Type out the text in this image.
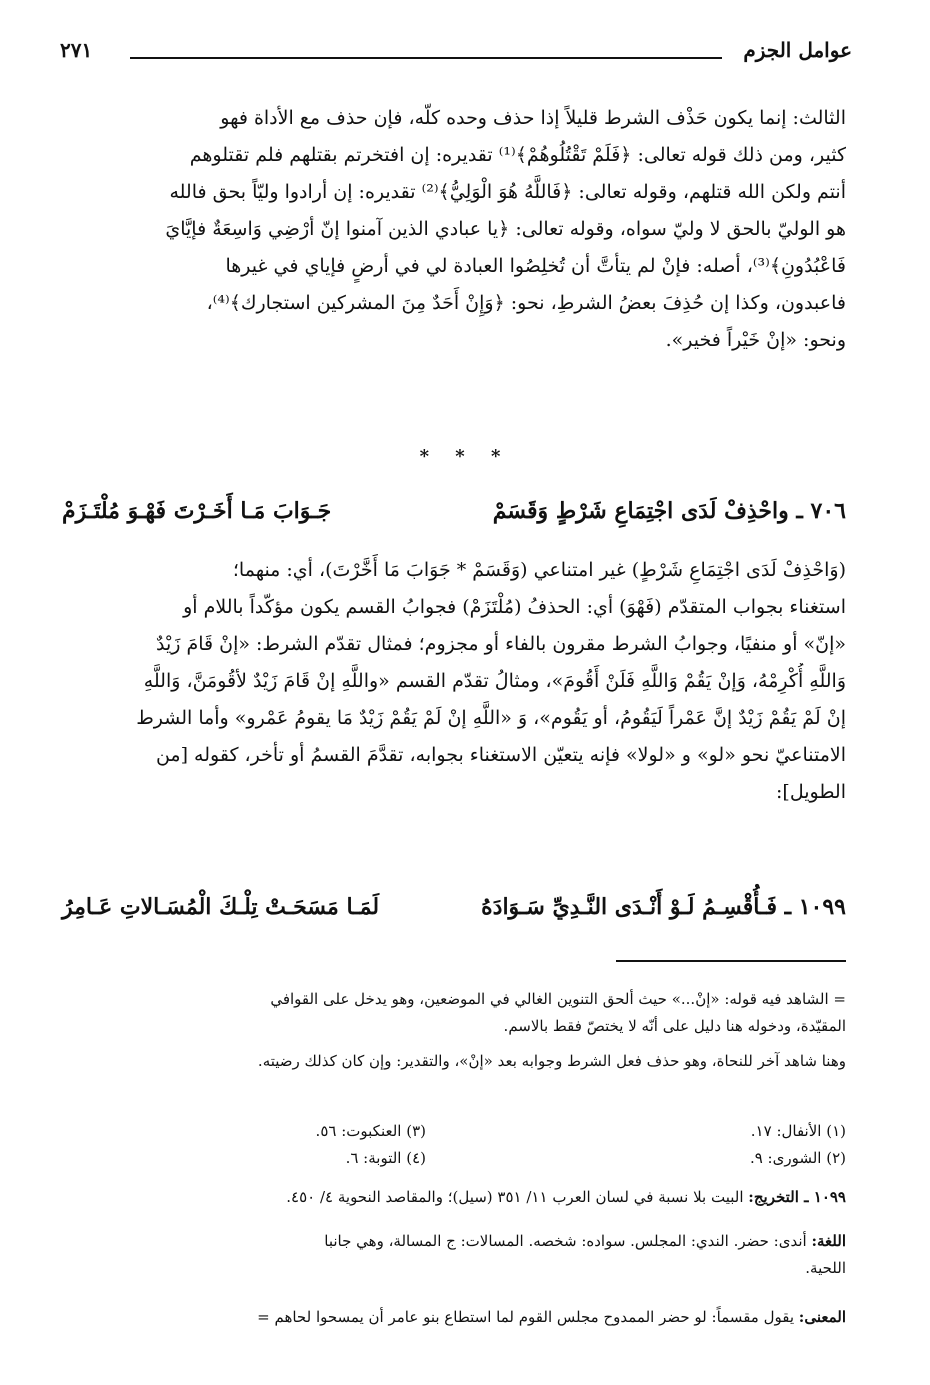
عوامل الجزم
٢٧١
الثالث: إنما يكون حَذْف الشرط قليلاً إذا حذف وحده كلّه، فإن حذف مع الأداة فهو
كثير، ومن ذلك قوله تعالى: ﴿فَلَمْ تَقْتُلُوهُمْ﴾⁽¹⁾ تقديره: إن افتخرتم بقتلهم فلم تقتلوهم
أنتم ولكن الله قتلهم، وقوله تعالى: ﴿فَاللَّهُ هُوَ الْوَلِيُّ﴾⁽²⁾ تقديره: إن أرادوا وليّاً بحق فالله
هو الوليّ بالحق لا وليّ سواه، وقوله تعالى: ﴿يا عبادي الذين آمنوا إنّ أرْضِي وَاسِعَةٌ فإيَّايَ
فَاعْبُدُونِ﴾⁽³⁾، أصله: فإنْ لم يتأتَّ أن تُخلِصُوا العبادة لي في أرضٍ فإياي في غيرها
فاعبدون، وكذا إن حُذِفَ بعضُ الشرطِ، نحو: ﴿وَإِنْ أَحَدٌ مِنَ المشركين استجارك﴾⁽⁴⁾،
ونحو: «إنْ خَيْراً فخير».
* * *
٧٠٦ ـ واحْذِفْ لَدَى اجْتِمَاعِ شَرْطٍ وَقَسَمْ
جَـوَابَ مَـا أَخَـرْتَ فَهْـوَ مُلْتَـزَمْ
(وَاحْذِفْ لَدَى اجْتِمَاعِ شَرْطٍ) غير امتناعي (وَقَسَمْ * جَوَابَ مَا أَخَّرْتَ)، أي: منهما؛
استغناء بجواب المتقدّم (فَهْوَ) أي: الحذفُ (مُلْتَزَمْ) فجوابُ القسم يكون مؤكّداً باللام أو
«إنّ» أو منفيًا، وجوابُ الشرط مقرون بالفاء أو مجزوم؛ فمثال تقدّم الشرط: «إنْ قَامَ زَيْدٌ
وَاللَّهِ أُكْرِمْهُ، وَإنْ يَقُمْ وَاللَّهِ فَلَنْ أَقُومَ»، ومثالُ تقدّم القسم «واللَّهِ إنْ قَامَ زَيْدٌ لأقُومَنَّ، وَاللَّهِ
إنْ لَمْ يَقُمْ زَيْدٌ إنَّ عَمْراً لَيَقُومُ، أو يَقُوم»، وَ «اللَّهِ إنْ لَمْ يَقُمْ زَيْدٌ مَا يقومُ عَمْرو» وأما الشرط
الامتناعيّ نحو «لو» و «لولا» فإنه يتعيّن الاستغناء بجوابه، تقدَّمَ القسمُ أو تأخر، كقوله [من
الطويل]:
١٠٩٩ ـ فَـأُقْسِـمُ لَـوْ أَنْـدَى النَّـدِيِّ سَـوَادَهُ
لَمَـا مَسَحَـتْ تِلْـكَ الْمُسَـالاتِ عَـامِرُ
= الشاهد فيه قوله: «إنْ...» حيث ألحق التنوين الغالي في الموضعين، وهو يدخل على القوافي
المقيّدة، ودخوله هنا دليل على أنّه لا يختصّ فقط بالاسم.
وهنا شاهد آخر للنحاة، وهو حذف فعل الشرط وجوابه بعد «إنْ»، والتقدير: وإن كان كذلك رضيته.
(١) الأنفال: ١٧.
(٢) الشورى: ٩.
(٣) العنكبوت: ٥٦.
(٤) التوبة: ٦.
١٠٩٩ ـ التخريج: البيت بلا نسبة في لسان العرب ١١/ ٣٥١ (سيل)؛ والمقاصد النحوية ٤/ ٤٥٠.
اللغة: أندى: حضر. الندي: المجلس. سواده: شخصه. المسالات: ج المسالة، وهي جانبا
اللحية.
المعنى: يقول مقسماً: لو حضر الممدوح مجلس القوم لما استطاع بنو عامر أن يمسحوا لحاهم =
